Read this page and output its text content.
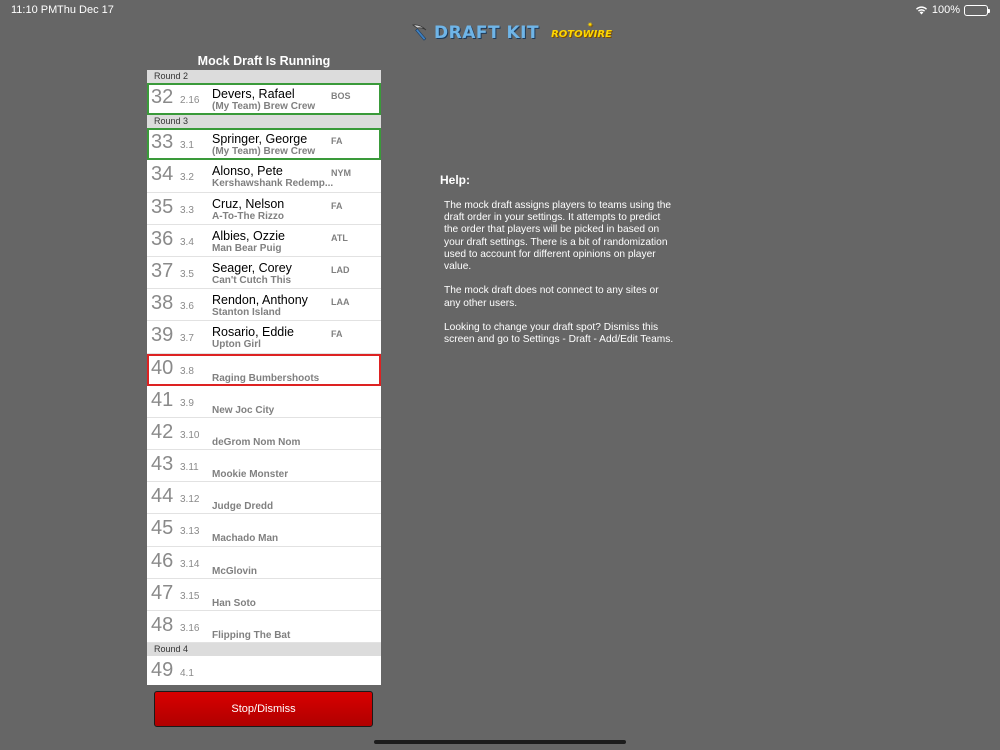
11:10 PM Thu Dec 17	100%
DRAFT KIT ROTOWIRE
✷
Mock Draft Is Running
Round 2
32 2.16 Devers, Rafael
(My Team) Brew Crew
BOS
Round 3
33 3.1 Springer, George
(My Team) Brew Crew
FA
34 3.2 Alonso, Pete
Kershawshank Redemp...
NYM
35 3.3 Cruz, Nelson
A-To-The Rizzo
FA
36 3.4 Albies, Ozzie
Man Bear Puig
ATL
37 3.5 Seager, Corey
Can't Cutch This
LAD
38 3.6 Rendon, Anthony
Stanton Island
LAA
39 3.7 Rosario, Eddie
Upton Girl
FA
40 3.8
Raging Bumbershoots
41 3.9
New Joc City
42 3.10
deGrom Nom Nom
43 3.11
Mookie Monster
44 3.12
Judge Dredd
45 3.13
Machado Man
46 3.14
McGlovin
47 3.15
Han Soto
48 3.16
Flipping The Bat
Round 4
49 4.1
Stop/Dismiss
Help:

The mock draft assigns players to teams using the draft order in your settings. It attempts to predict the order that players will be picked in based on your draft settings. There is a bit of randomization used to account for different opinions on player value.

The mock draft does not connect to any sites or any other users.

Looking to change your draft spot? Dismiss this screen and go to Settings - Draft - Add/Edit Teams.
